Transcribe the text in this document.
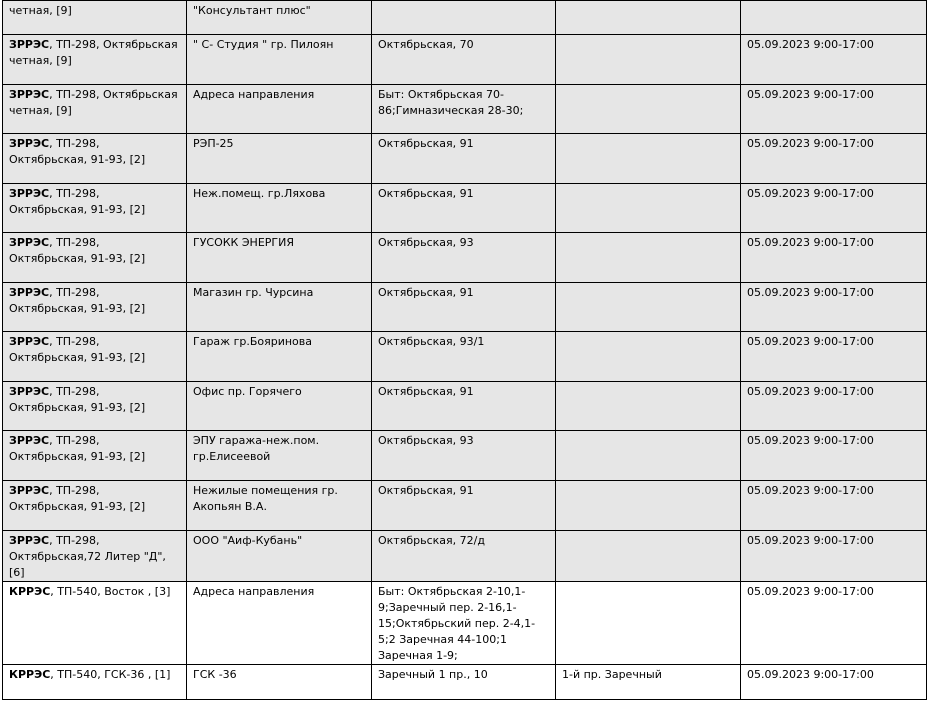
четная, [9]	"Консультант плюс"			
ЗРРЭС, ТП-298, Октябрьская четная, [9]	" С- Студия " гр. Пилоян	Октябрьская, 70		05.09.2023 9:00-17:00
ЗРРЭС, ТП-298, Октябрьская четная, [9]	Адреса направления	Быт: Октябрьская 70-86;Гимназическая 28-30;		05.09.2023 9:00-17:00
ЗРРЭС, ТП-298, Октябрьская, 91-93, [2]	РЭП-25	Октябрьская, 91		05.09.2023 9:00-17:00
ЗРРЭС, ТП-298, Октябрьская, 91-93, [2]	Неж.помещ. гр.Ляхова	Октябрьская, 91		05.09.2023 9:00-17:00
ЗРРЭС, ТП-298, Октябрьская, 91-93, [2]	ГУСОКК ЭНЕРГИЯ	Октябрьская, 93		05.09.2023 9:00-17:00
ЗРРЭС, ТП-298, Октябрьская, 91-93, [2]	Магазин гр. Чурсина	Октябрьская, 91		05.09.2023 9:00-17:00
ЗРРЭС, ТП-298, Октябрьская, 91-93, [2]	Гараж гр.Бояринова	Октябрьская, 93/1		05.09.2023 9:00-17:00
ЗРРЭС, ТП-298, Октябрьская, 91-93, [2]	Офис пр. Горячего	Октябрьская, 91		05.09.2023 9:00-17:00
ЗРРЭС, ТП-298, Октябрьская, 91-93, [2]	ЭПУ гаража-неж.пом. гр.Елисеевой	Октябрьская, 93		05.09.2023 9:00-17:00
ЗРРЭС, ТП-298, Октябрьская, 91-93, [2]	Нежилые помещения гр. Акопьян В.А.	Октябрьская, 91		05.09.2023 9:00-17:00
ЗРРЭС, ТП-298, Октябрьская,72 Литер "Д", [6]	ООО "Аиф-Кубань"	Октябрьская, 72/д		05.09.2023 9:00-17:00
КРРЭС, ТП-540, Восток , [3]	Адреса направления	Быт: Октябрьская 2-10,1-9;Заречный пер. 2-16,1-15;Октябрьский пер. 2-4,1-5;2 Заречная 44-100;1 Заречная 1-9;		05.09.2023 9:00-17:00
КРРЭС, ТП-540, ГСК-36 , [1]	ГСК -36	Заречный 1 пр., 10	1-й пр. Заречный	05.09.2023 9:00-17:00
